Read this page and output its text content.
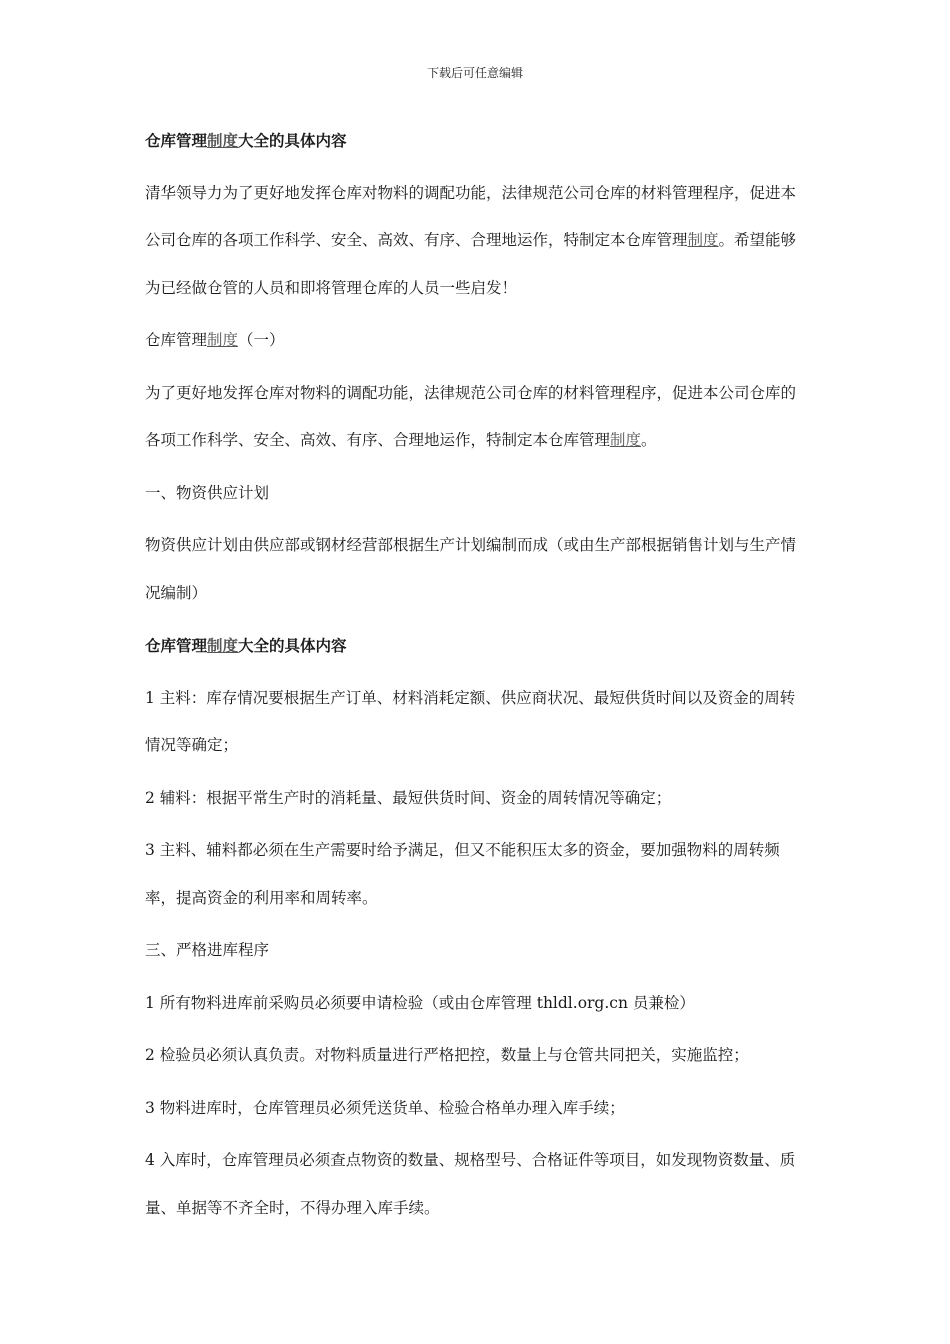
下载后可任意编辑

仓库管理制度大全的具体内容

清华领导力为了更好地发挥仓库对物料的调配功能，法律规范公司仓库的材料管理程序，促进本公司仓库的各项工作科学、安全、高效、有序、合理地运作，特制定本仓库管理制度。希望能够为已经做仓管的人员和即将管理仓库的人员一些启发！

仓库管理制度（一）

为了更好地发挥仓库对物料的调配功能，法律规范公司仓库的材料管理程序，促进本公司仓库的各项工作科学、安全、高效、有序、合理地运作，特制定本仓库管理制度。

一、物资供应计划

物资供应计划由供应部或钢材经营部根据生产计划编制而成（或由生产部根据销售计划与生产情况编制）

仓库管理制度大全的具体内容

1 主料：库存情况要根据生产订单、材料消耗定额、供应商状况、最短供货时间以及资金的周转情况等确定；

2 辅料：根据平常生产时的消耗量、最短供货时间、资金的周转情况等确定；

3 主料、辅料都必须在生产需要时给予满足，但又不能积压太多的资金，要加强物料的周转频率，提高资金的利用率和周转率。

三、严格进库程序

1 所有物料进库前采购员必须要申请检验（或由仓库管理 thldl.org.cn 员兼检）

2 检验员必须认真负责。对物料质量进行严格把控，数量上与仓管共同把关，实施监控；

3 物料进库时，仓库管理员必须凭送货单、检验合格单办理入库手续；

4 入库时，仓库管理员必须查点物资的数量、规格型号、合格证件等项目，如发现物资数量、质量、单据等不齐全时，不得办理入库手续。
